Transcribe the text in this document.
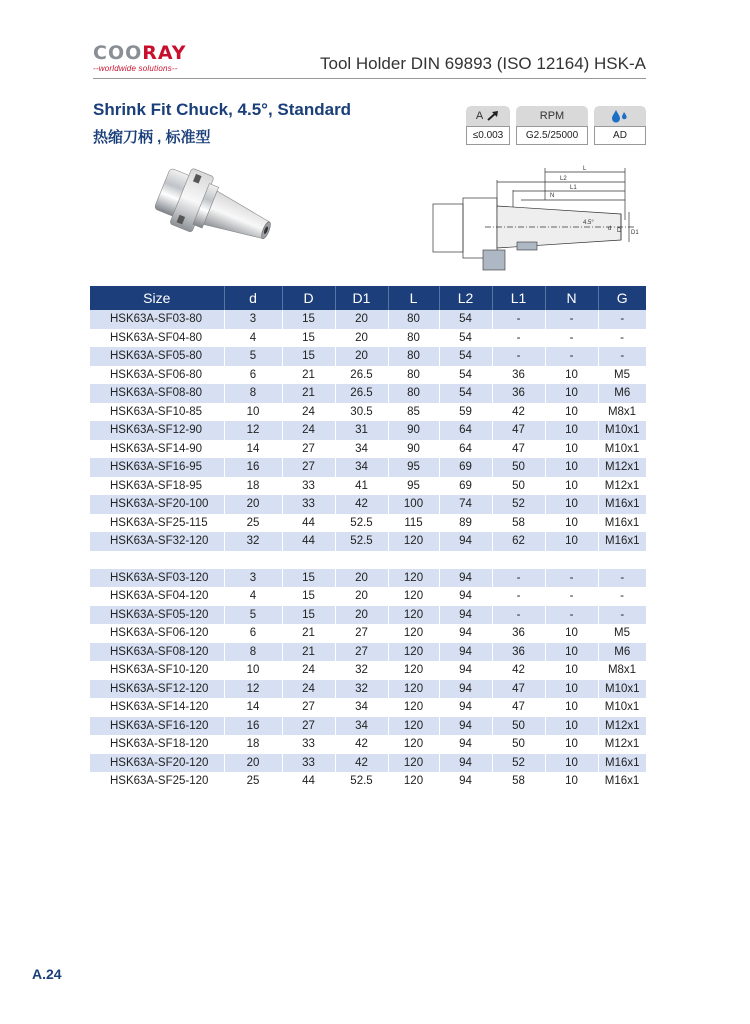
COORAY
--worldwide solutions--	Tool Holder DIN 69893 (ISO 12164) HSK-A
Shrink Fit Chuck, 4.5°, Standard
热缩刀柄 , 标准型
A
≤0.003
RPM
G2.5/25000	AD
L
L2
L1
4.5°
d D D1
N
Size	d	D	D1	L	L2	L1	N	G
HSK63A-SF03-80	3	15	20	80	54	-	-	-
HSK63A-SF04-80	4	15	20	80	54	-	-	-
HSK63A-SF05-80	5	15	20	80	54	-	-	-
HSK63A-SF06-80	6	21	26.5	80	54	36	10	M5
HSK63A-SF08-80	8	21	26.5	80	54	36	10	M6
HSK63A-SF10-85	10	24	30.5	85	59	42	10	M8x1
HSK63A-SF12-90	12	24	31	90	64	47	10	M10x1
HSK63A-SF14-90	14	27	34	90	64	47	10	M10x1
HSK63A-SF16-95	16	27	34	95	69	50	10	M12x1
HSK63A-SF18-95	18	33	41	95	69	50	10	M12x1
HSK63A-SF20-100	20	33	42	100	74	52	10	M16x1
HSK63A-SF25-115	25	44	52.5	115	89	58	10	M16x1
HSK63A-SF32-120	32	44	52.5	120	94	62	10	M16x1

HSK63A-SF03-120	3	15	20	120	94	-	-	-
HSK63A-SF04-120	4	15	20	120	94	-	-	-
HSK63A-SF05-120	5	15	20	120	94	-	-	-
HSK63A-SF06-120	6	21	27	120	94	36	10	M5
HSK63A-SF08-120	8	21	27	120	94	36	10	M6
HSK63A-SF10-120	10	24	32	120	94	42	10	M8x1
HSK63A-SF12-120	12	24	32	120	94	47	10	M10x1
HSK63A-SF14-120	14	27	34	120	94	47	10	M10x1
HSK63A-SF16-120	16	27	34	120	94	50	10	M12x1
HSK63A-SF18-120	18	33	42	120	94	50	10	M12x1
HSK63A-SF20-120	20	33	42	120	94	52	10	M16x1
HSK63A-SF25-120	25	44	52.5	120	94	58	10	M16x1
A.24
